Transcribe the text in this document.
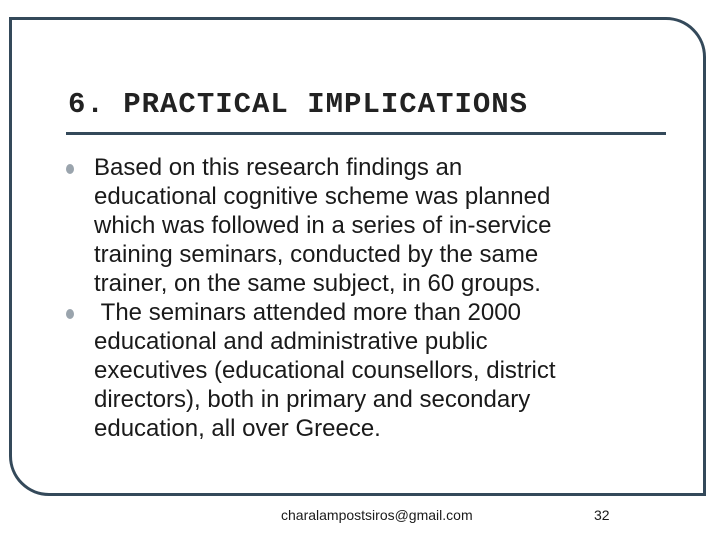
6. PRACTICAL IMPLICATIONS
Based on this research findings an
educational cognitive scheme was planned
which was followed in a series of in-service
training seminars, conducted by the same
trainer, on the same subject, in 60 groups.
The seminars attended more than 2000
educational and administrative public
executives (educational counsellors, district
directors), both in primary and secondary
education, all over Greece.
charalampostsiros@gmail.com	32
